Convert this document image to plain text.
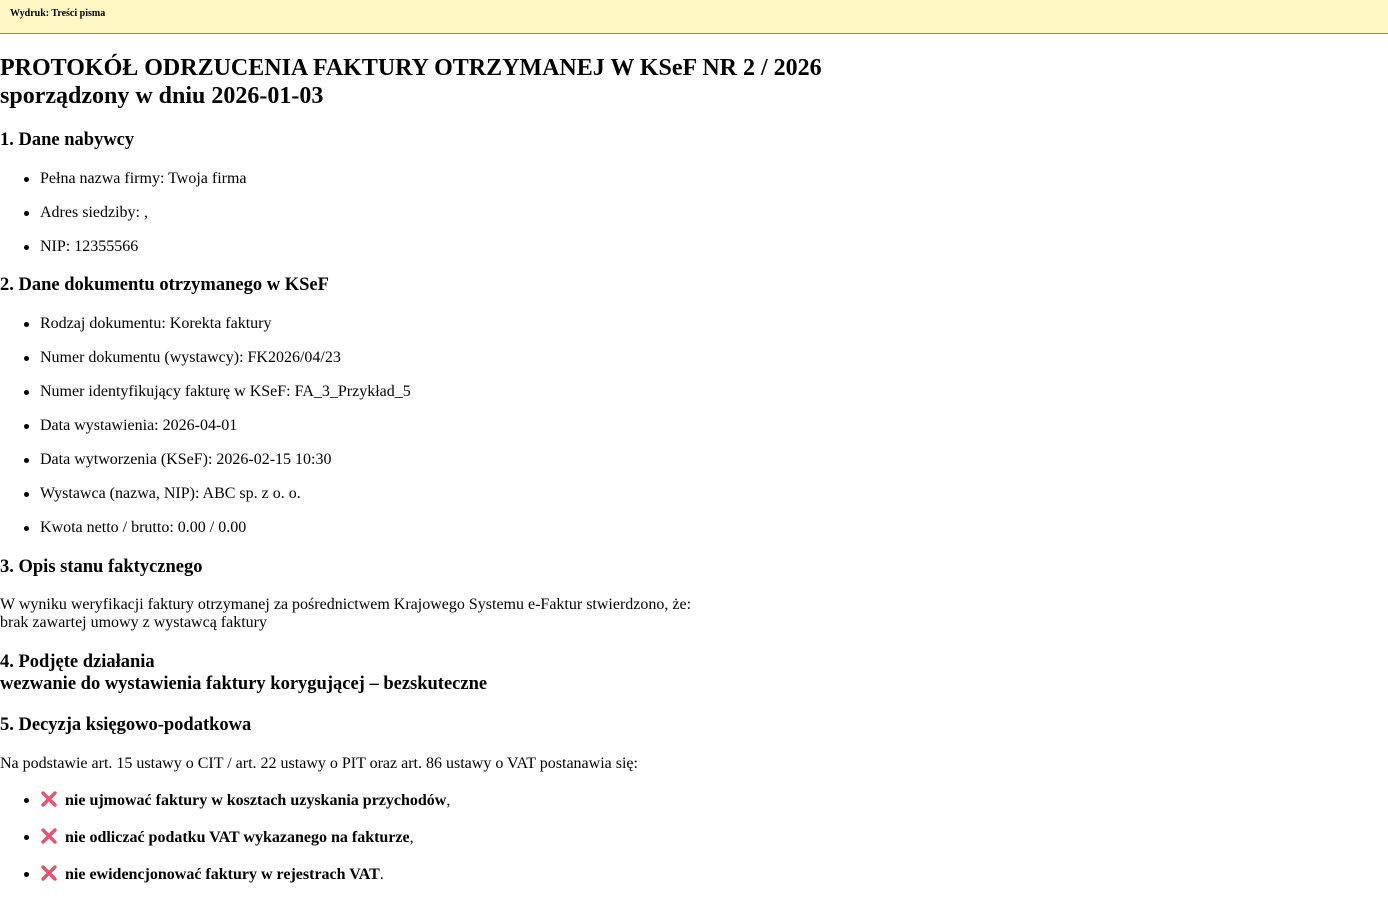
Wydruk: Treści pisma
PROTOKÓŁ ODRZUCENIA FAKTURY OTRZYMANEJ W KSeF NR 2 / 2026
sporządzony w dniu 2026-01-03
1. Dane nabywcy
Pełna nazwa firmy: Twoja firma
Adres siedziby: ,
NIP: 12355566
2. Dane dokumentu otrzymanego w KSeF
Rodzaj dokumentu: Korekta faktury
Numer dokumentu (wystawcy): FK2026/04/23
Numer identyfikujący fakturę w KSeF: FA_3_Przykład_5
Data wystawienia: 2026-04-01
Data wytworzenia (KSeF): 2026-02-15 10:30
Wystawca (nazwa, NIP): ABC sp. z o. o.
Kwota netto / brutto: 0.00 / 0.00
3. Opis stanu faktycznego

W wyniku weryfikacji faktury otrzymanej za pośrednictwem Krajowego Systemu e-Faktur stwierdzono, że:
brak zawartej umowy z wystawcą faktury

4. Podjęte działania
wezwanie do wystawienia faktury korygującej – bezskuteczne
5. Decyzja księgowo-podatkowa

Na podstawie art. 15 ustawy o CIT / art. 22 ustawy o PIT oraz art. 86 ustawy o VAT postanawia się:

nie ujmować faktury w kosztach uzyskania przychodów,
nie odliczać podatku VAT wykazanego na fakturze,
nie ewidencjonować faktury w rejestrach VAT.
